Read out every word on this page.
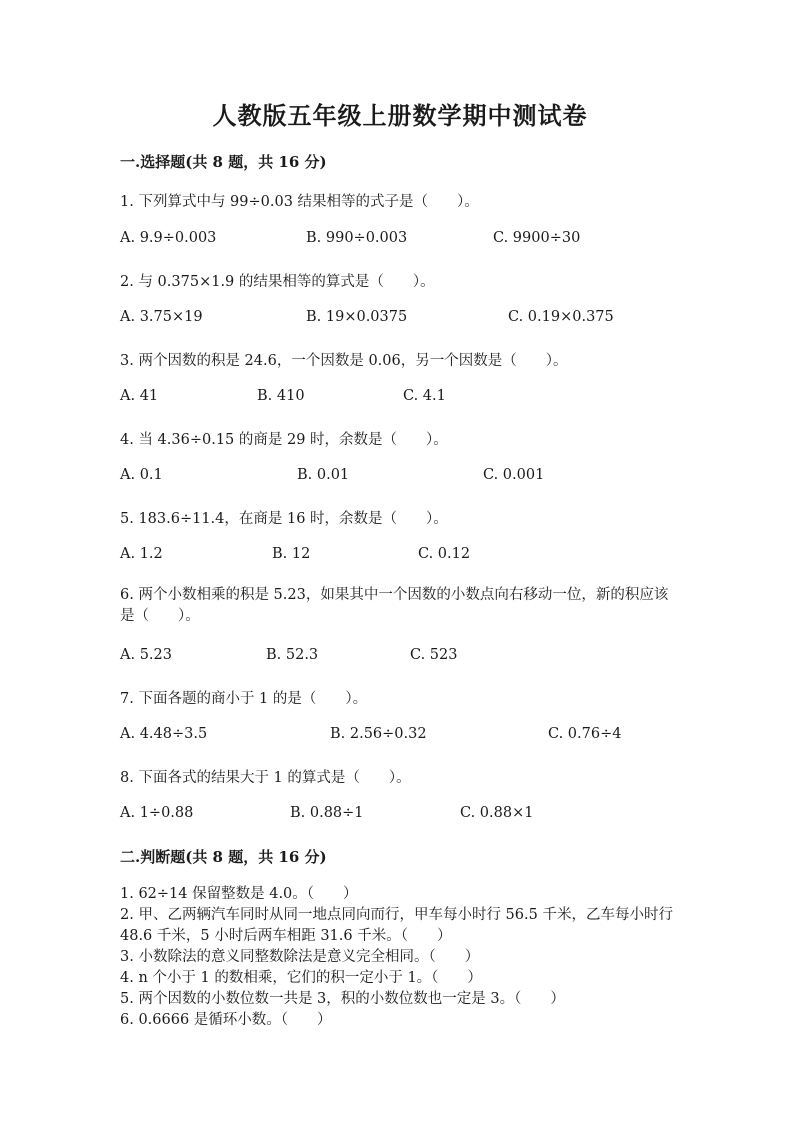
人教版五年级上册数学期中测试卷
一.选择题(共 8 题，共 16 分)
1. 下列算式中与 99÷0.03 结果相等的式子是（　　）。
A. 9.9÷0.003	B. 990÷0.003	C. 9900÷30
2. 与 0.375×1.9 的结果相等的算式是（　　）。
A. 3.75×19	B. 19×0.0375	C. 0.19×0.375
3. 两个因数的积是 24.6，一个因数是 0.06，另一个因数是（　　）。
A. 41	B. 410	C. 4.1
4. 当 4.36÷0.15 的商是 29 时，余数是（　　）。
A. 0.1	B. 0.01	C. 0.001
5. 183.6÷11.4，在商是 16 时，余数是（　　）。
A. 1.2	B. 12	C. 0.12
6. 两个小数相乘的积是 5.23，如果其中一个因数的小数点向右移动一位，新的积应该是（　　）。
A. 5.23	B. 52.3	C. 523
7. 下面各题的商小于 1 的是（　　）。
A. 4.48÷3.5	B. 2.56÷0.32	C. 0.76÷4
8. 下面各式的结果大于 1 的算式是（　　）。
A. 1÷0.88	B. 0.88÷1	C. 0.88×1
二.判断题(共 8 题，共 16 分)
1. 62÷14 保留整数是 4.0。（　　）
2. 甲、乙两辆汽车同时从同一地点同向而行，甲车每小时行 56.5 千米，乙车每小时行 48.6 千米，5 小时后两车相距 31.6 千米。（　　）
3. 小数除法的意义同整数除法是意义完全相同。（　　）
4. n 个小于 1 的数相乘，它们的积一定小于 1。（　　）
5. 两个因数的小数位数一共是 3，积的小数位数也一定是 3。（　　）
6. 0.6666 是循环小数。（　　）
